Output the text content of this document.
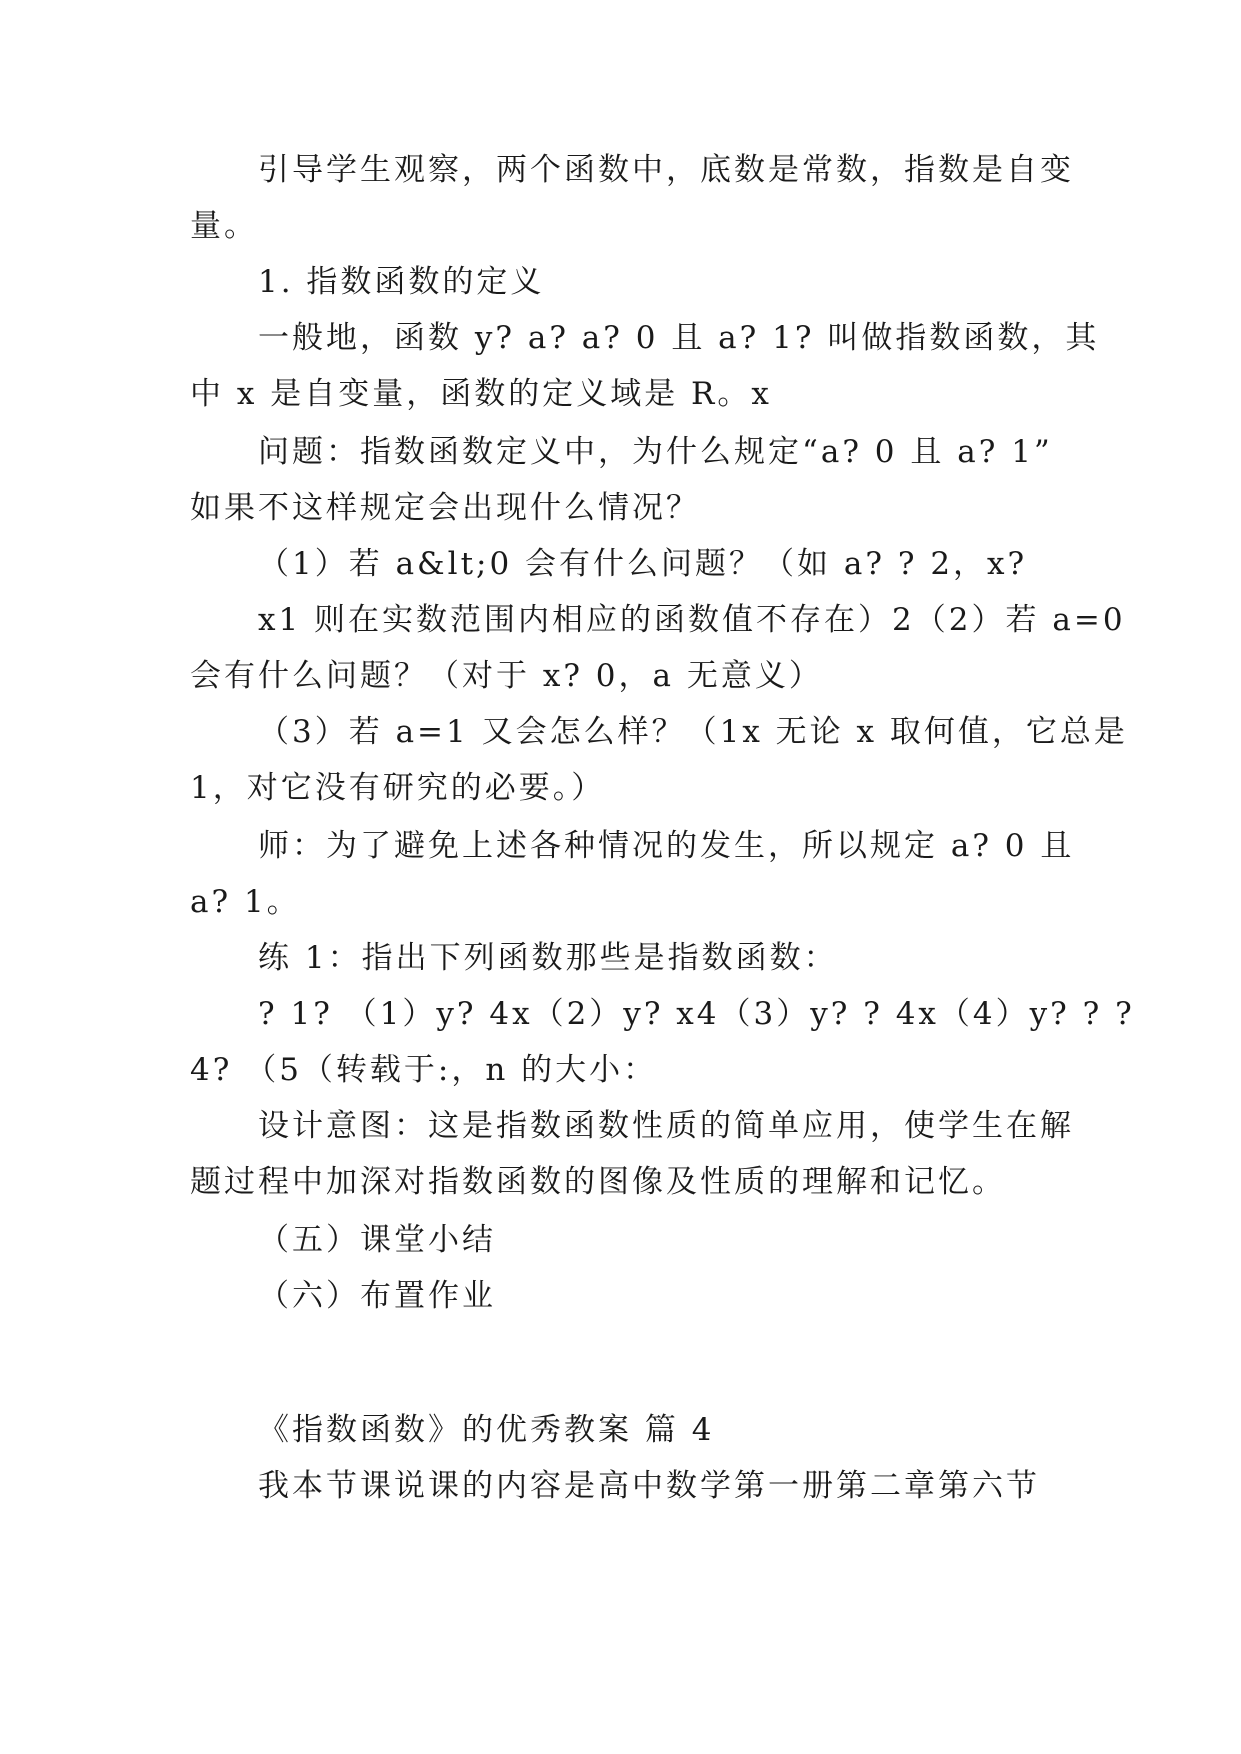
引导学生观察，两个函数中，底数是常数，指数是自变
量。
1. 指数函数的定义
一般地，函数 y? a? a? 0 且 a? 1? 叫做指数函数，其
中 x 是自变量，函数的定义域是 R。x
问题：指数函数定义中，为什么规定“a? 0 且 a? 1”
如果不这样规定会出现什么情况？
（1）若 a&lt;0 会有什么问题？（如 a? ? 2，x?
x1 则在实数范围内相应的函数值不存在）2（2）若 a=0
会有什么问题？（对于 x? 0，a 无意义）
（3）若 a=1 又会怎么样？（1x 无论 x 取何值，它总是
1，对它没有研究的必要。）
师：为了避免上述各种情况的发生，所以规定 a? 0 且
a? 1。
练 1：指出下列函数那些是指数函数：
? 1? （1）y? 4x（2）y? x4（3）y? ? 4x（4）y? ? ?
4? （5（转载于:，n 的大小：
设计意图：这是指数函数性质的简单应用，使学生在解
题过程中加深对指数函数的图像及性质的理解和记忆。
（五）课堂小结
（六）布置作业
《指数函数》的优秀教案 篇 4
我本节课说课的内容是高中数学第一册第二章第六节
